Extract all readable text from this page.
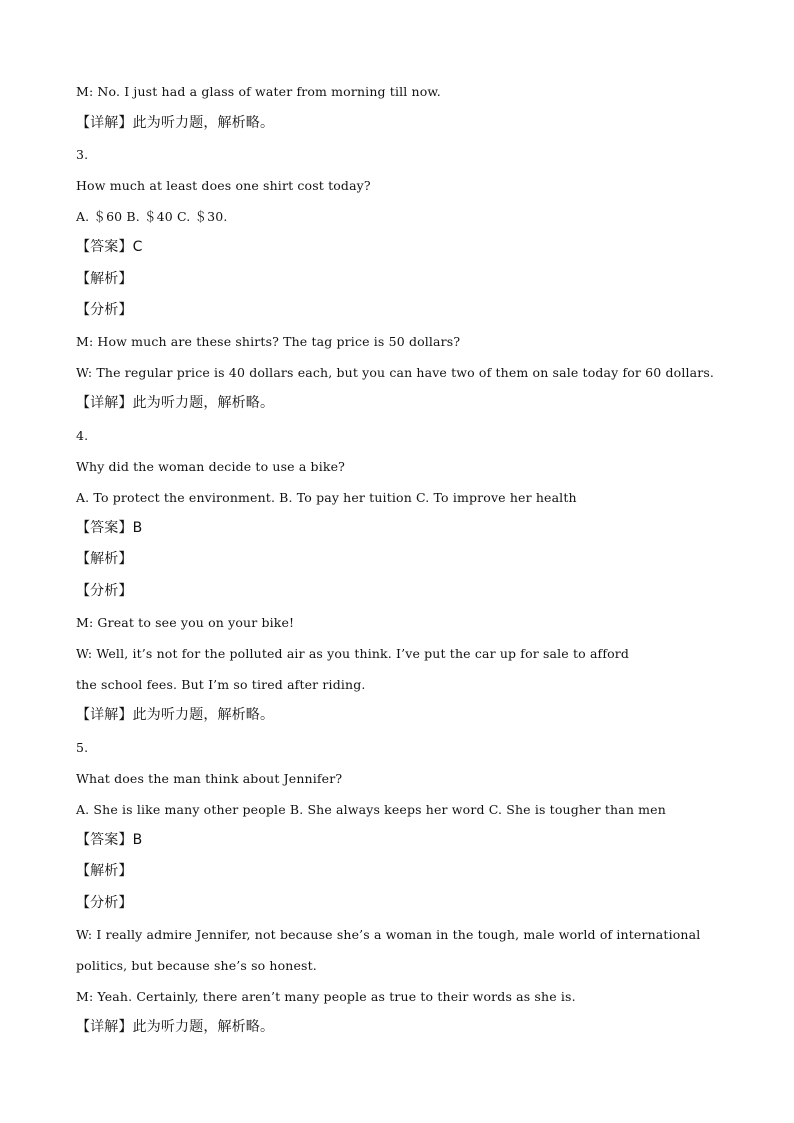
M: No. I just had a glass of water from morning till now.
【详解】此为听力题，解析略。
3.
How much at least does one shirt cost today?
A. ＄60 B. ＄40 C. ＄30.
【答案】C
【解析】
【分析】
M: How much are these shirts? The tag price is 50 dollars?
W: The regular price is 40 dollars each, but you can have two of them on sale today for 60 dollars.
【详解】此为听力题，解析略。
4.
Why did the woman decide to use a bike?
A. To protect the environment. B. To pay her tuition C. To improve her health
【答案】B
【解析】
【分析】
M: Great to see you on your bike!
W: Well, it’s not for the polluted air as you think. I’ve put the car up for sale to afford
the school fees. But I’m so tired after riding.
【详解】此为听力题，解析略。
5.
What does the man think about Jennifer?
A. She is like many other people B. She always keeps her word C. She is tougher than men
【答案】B
【解析】
【分析】
W: I really admire Jennifer, not because she’s a woman in the tough, male world of international
politics, but because she’s so honest.
M: Yeah. Certainly, there aren’t many people as true to their words as she is.
【详解】此为听力题，解析略。
